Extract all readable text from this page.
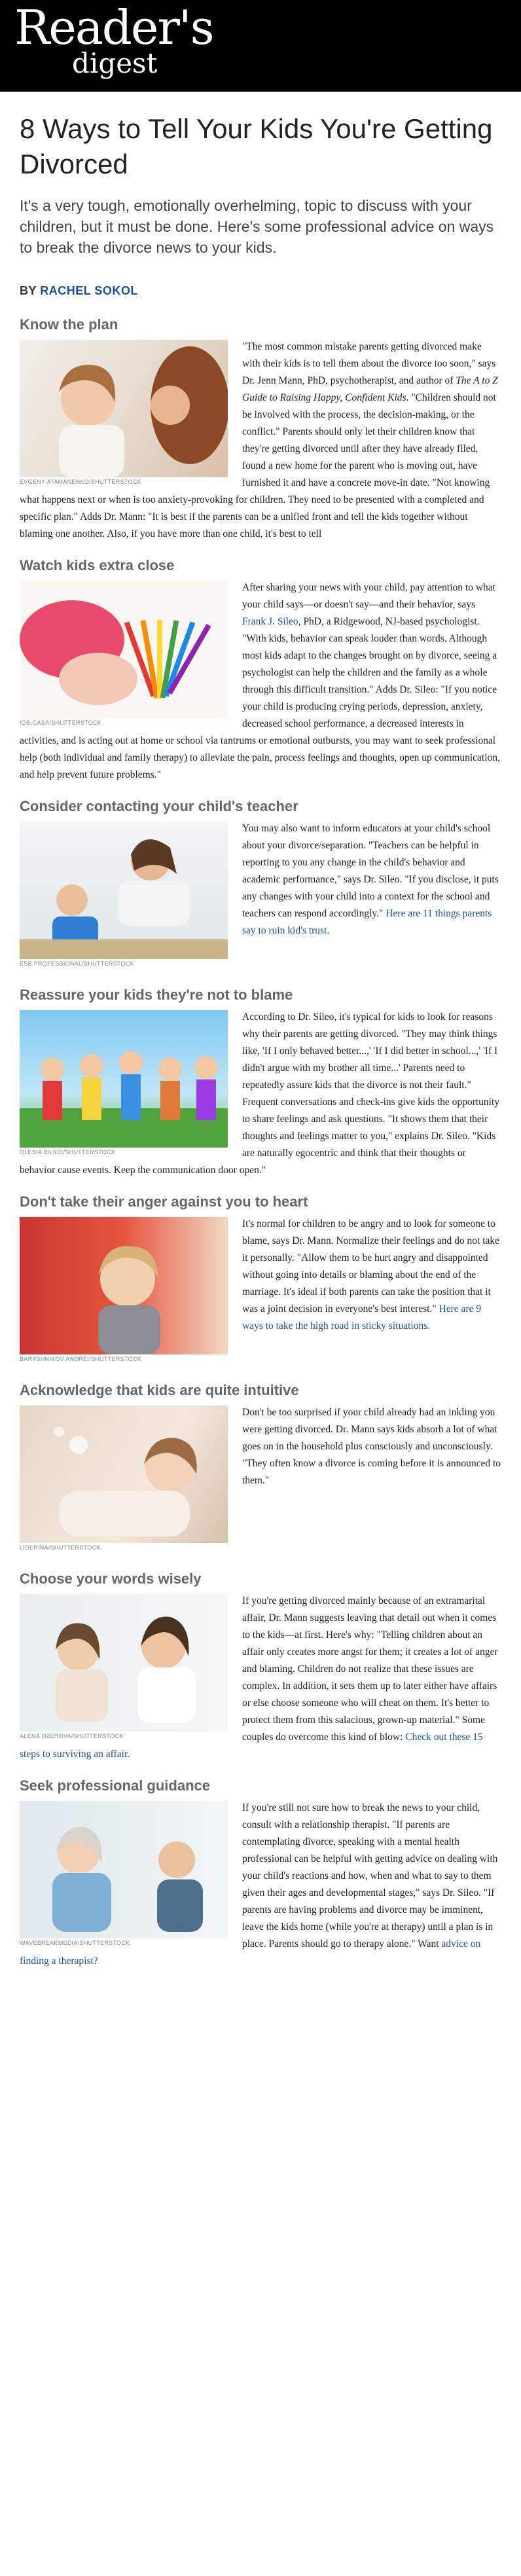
Reader's
digest
8 Ways to Tell Your Kids You're Getting Divorced

It's a very tough, emotionally overhelming, topic to discuss with your children, but it must be done. Here's some professional advice on ways to break the divorce news to your kids.

BY RACHEL SOKOL

Know the plan
EVGENY ATAMANENKO/SHUTTERSTOCK

"The most common mistake parents getting divorced make with their kids is to tell them about the divorce too soon," says Dr. Jenn Mann, PhD, psychotherapist, and author of The A to Z Guide to Raising Happy, Confident Kids. "Children should not be involved with the process, the decision-making, or the conflict." Parents should only let their children know that they're getting divorced until after they have already filed, found a new home for the parent who is moving out, have furnished it and have a concrete move-in date. "Not knowing what happens next or when is too anxiety-provoking for children. They need to be presented with a completed and specific plan." Adds Dr. Mann: "It is best if the parents can be a unified front and tell the kids together without blaming one another. Also, if you have more than one child, it's best to tell

Watch kids extra close
IOB-CASA/SHUTTERSTOCK

After sharing your news with your child, pay attention to what your child says—or doesn't say—and their behavior, says Frank J. Sileo, PhD, a Ridgewood, NJ-based psychologist. "With kids, behavior can speak louder than words. Although most kids adapt to the changes brought on by divorce, seeing a psychologist can help the children and the family as a whole through this difficult transition." Adds Dr. Sileo: "If you notice your child is producing crying periods, depression, anxiety, decreased school performance, a decreased interests in activities, and is acting out at home or school via tantrums or emotional outbursts, you may want to seek professional help (both individual and family therapy) to alleviate the pain, process feelings and thoughts, open up communication, and help prevent future problems."

Consider contacting your child's teacher
ESB PROFESSIONAL/SHUTTERSTOCK

You may also want to inform educators at your child's school about your divorce/separation. "Teachers can be helpful in reporting to you any change in the child's behavior and academic performance," says Dr. Sileo. "If you disclose, it puts any changes with your child into a context for the school and teachers can respond accordingly." Here are 11 things parents say to ruin kid's trust.

Reassure your kids they're not to blame
OLESIA BILKEI/SHUTTERSTOCK

According to Dr. Sileo, it's typical for kids to look for reasons why their parents are getting divorced. "They may think things like, 'If I only behaved better...,' 'If I did better in school...,' 'If I didn't argue with my brother all time...' Parents need to repeatedly assure kids that the divorce is not their fault." Frequent conversations and check-ins give kids the opportunity to share feelings and ask questions. "It shows them that their thoughts and feelings matter to you," explains Dr. Sileo. "Kids are naturally egocentric and think that their thoughts or behavior cause events. Keep the communication door open."

Don't take their anger against you to heart
BARYSHNIKOV ANDREI/SHUTTERSTOCK

It's normal for children to be angry and to look for someone to blame, says Dr. Mann. Normalize their feelings and do not take it personally. "Allow them to be hurt angry and disappointed without going into details or blaming about the end of the marriage. It's ideal if both parents can take the position that it was a joint decision in everyone's best interest." Here are 9 ways to take the high road in sticky situations.

Acknowledge that kids are quite intuitive
LIDERINA/SHUTTERSTOCK

Don't be too surprised if your child already had an inkling you were getting divorced. Dr. Mann says kids absorb a lot of what goes on in the household plus consciously and unconsciously. "They often know a divorce is coming before it is announced to them."

Choose your words wisely
ALENA OZEROVA/SHUTTERSTOCK

If you're getting divorced mainly because of an extramarital affair, Dr. Mann suggests leaving that detail out when it comes to the kids—at first. Here's why: "Telling children about an affair only creates more angst for them; it creates a lot of anger and blaming. Children do not realize that these issues are complex. In addition, it sets them up to later either have affairs or else choose someone who will cheat on them. It's better to protect them from this salacious, grown-up material." Some couples do overcome this kind of blow: Check out these 15 steps to surviving an affair.

Seek professional guidance
WAVEBREAKMEDIA/SHUTTERSTOCK

If you're still not sure how to break the news to your child, consult with a relationship therapist. "If parents are contemplating divorce, speaking with a mental health professional can be helpful with getting advice on dealing with your child's reactions and how, when and what to say to them given their ages and developmental stages," says Dr. Sileo. "If parents are having problems and divorce may be imminent, leave the kids home (while you're at therapy) until a plan is in place. Parents should go to therapy alone." Want advice on finding a therapist?
